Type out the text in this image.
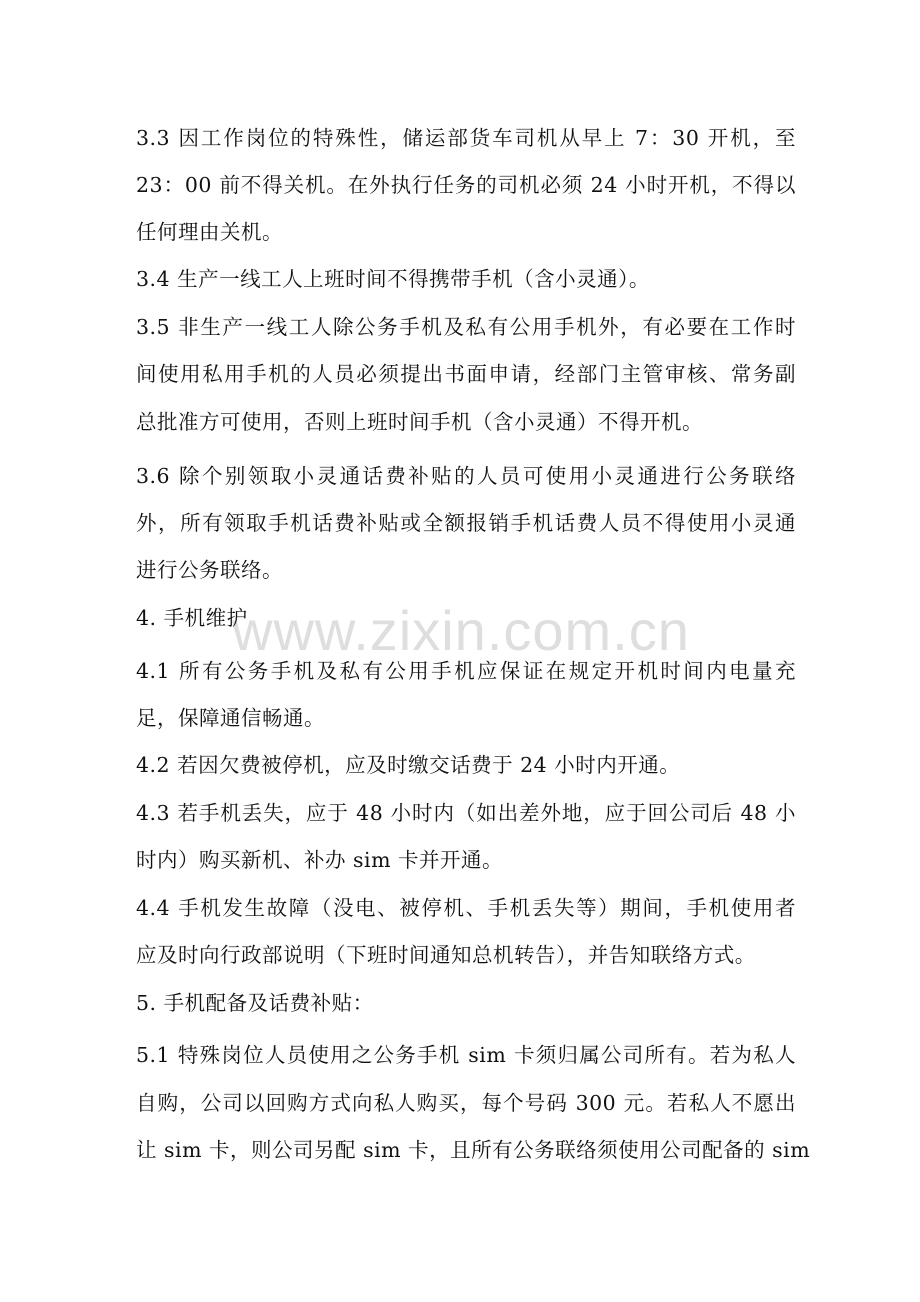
www.zixin.com.cn
3.3 因工作岗位的特殊性，储运部货车司机从早上 7：30 开机，至
23：00 前不得关机。在外执行任务的司机必须 24 小时开机，不得以
任何理由关机。
3.4 生产一线工人上班时间不得携带手机（含小灵通）。
3.5 非生产一线工人除公务手机及私有公用手机外，有必要在工作时
间使用私用手机的人员必须提出书面申请，经部门主管审核、常务副
总批准方可使用，否则上班时间手机（含小灵通）不得开机。
3.6 除个别领取小灵通话费补贴的人员可使用小灵通进行公务联络
外，所有领取手机话费补贴或全额报销手机话费人员不得使用小灵通
进行公务联络。
4. 手机维护
4.1 所有公务手机及私有公用手机应保证在规定开机时间内电量充
足，保障通信畅通。
4.2 若因欠费被停机，应及时缴交话费于 24 小时内开通。
4.3 若手机丢失，应于 48 小时内（如出差外地，应于回公司后 48 小
时内）购买新机、补办 sim 卡并开通。
4.4 手机发生故障（没电、被停机、手机丢失等）期间，手机使用者
应及时向行政部说明（下班时间通知总机转告），并告知联络方式。
5. 手机配备及话费补贴：
5.1 特殊岗位人员使用之公务手机 sim 卡须归属公司所有。若为私人
自购，公司以回购方式向私人购买，每个号码 300 元。若私人不愿出
让 sim 卡，则公司另配 sim 卡，且所有公务联络须使用公司配备的 sim
